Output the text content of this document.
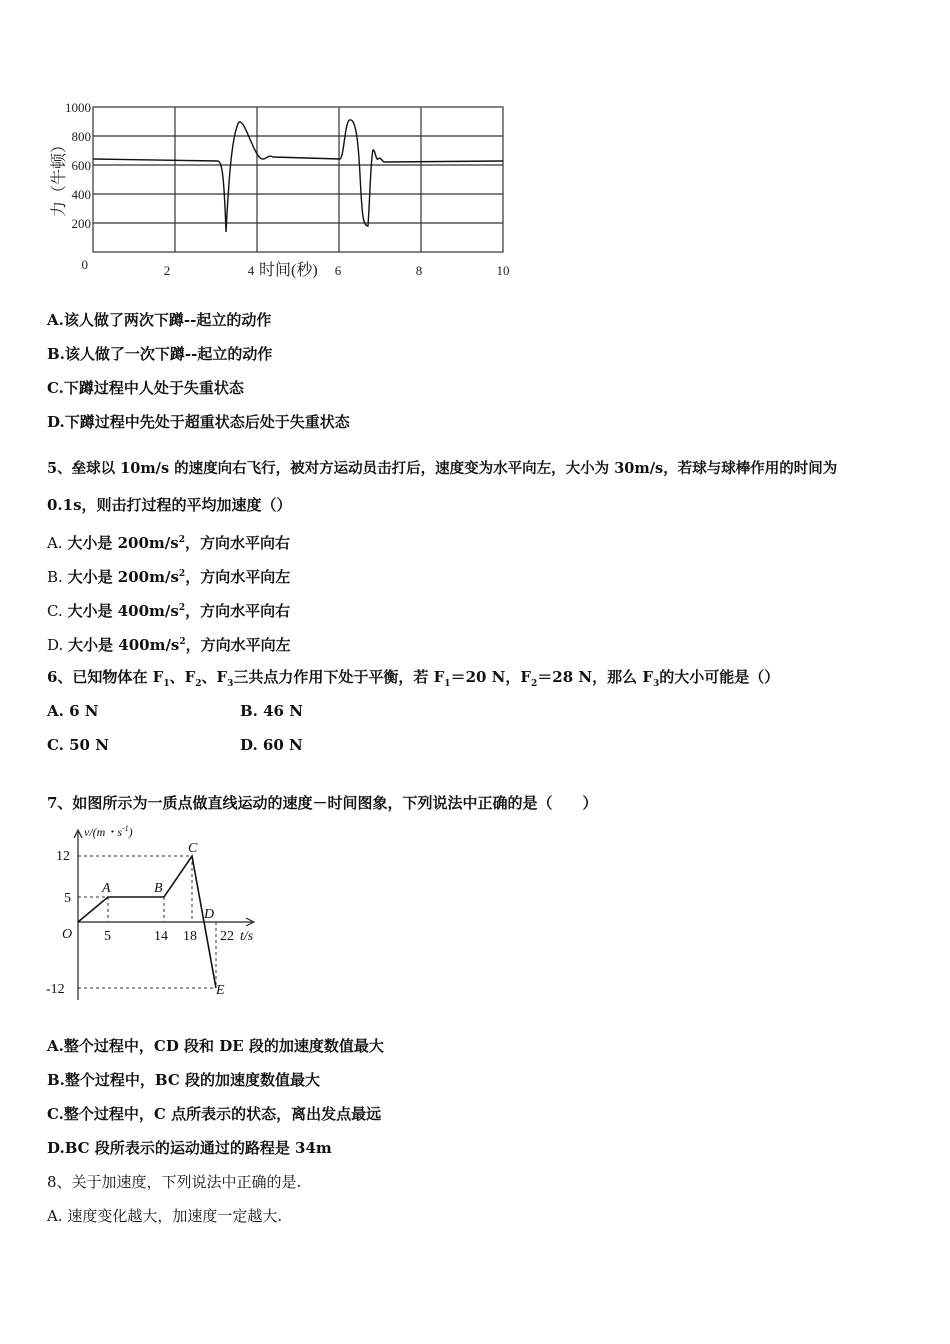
1000
800
600
400
200
0	2	4	6	8	10
时间(秒)
力（牛顿）
A.该人做了两次下蹲--起立的动作
B.该人做了一次下蹲--起立的动作
C.下蹲过程中人处于失重状态
D.下蹲过程中先处于超重状态后处于失重状态
5、垒球以 10m/s 的速度向右飞行，被对方运动员击打后，速度变为水平向左，大小为 30m/s，若球与球棒作用的时间为
0.1s，则击打过程的平均加速度（）
A. 大小是 $200m/s^2$，方向水平向右
B. 大小是 $200m/s^2$，方向水平向左
C. 大小是 $400m/s^2$，方向水平向右
D. 大小是 $400m/s^2$，方向水平向左
6、已知物体在 $F_1$、$F_2$、$F_3$三共点力作用下处于平衡，若 $F_1=20$ N，$F_2=28$ N，那么 $F_3$的大小可能是（）
A. 6 N	B. 46 N
C. 50 N	D. 60 N
7、如图所示为一质点做直线运动的速度－时间图象，下列说法中正确的是（　　）
v/(m・$s^{-1}$)
12
5
-12
O 5	14 18 22 t/s
A	B
C
D
E
A.整个过程中，CD 段和 DE 段的加速度数值最大
B.整个过程中，BC 段的加速度数值最大
C.整个过程中，C 点所表示的状态，离出发点最远
D.BC 段所表示的运动通过的路程是 34m
8、关于加速度，下列说法中正确的是.
A. 速度变化越大，加速度一定越大.
